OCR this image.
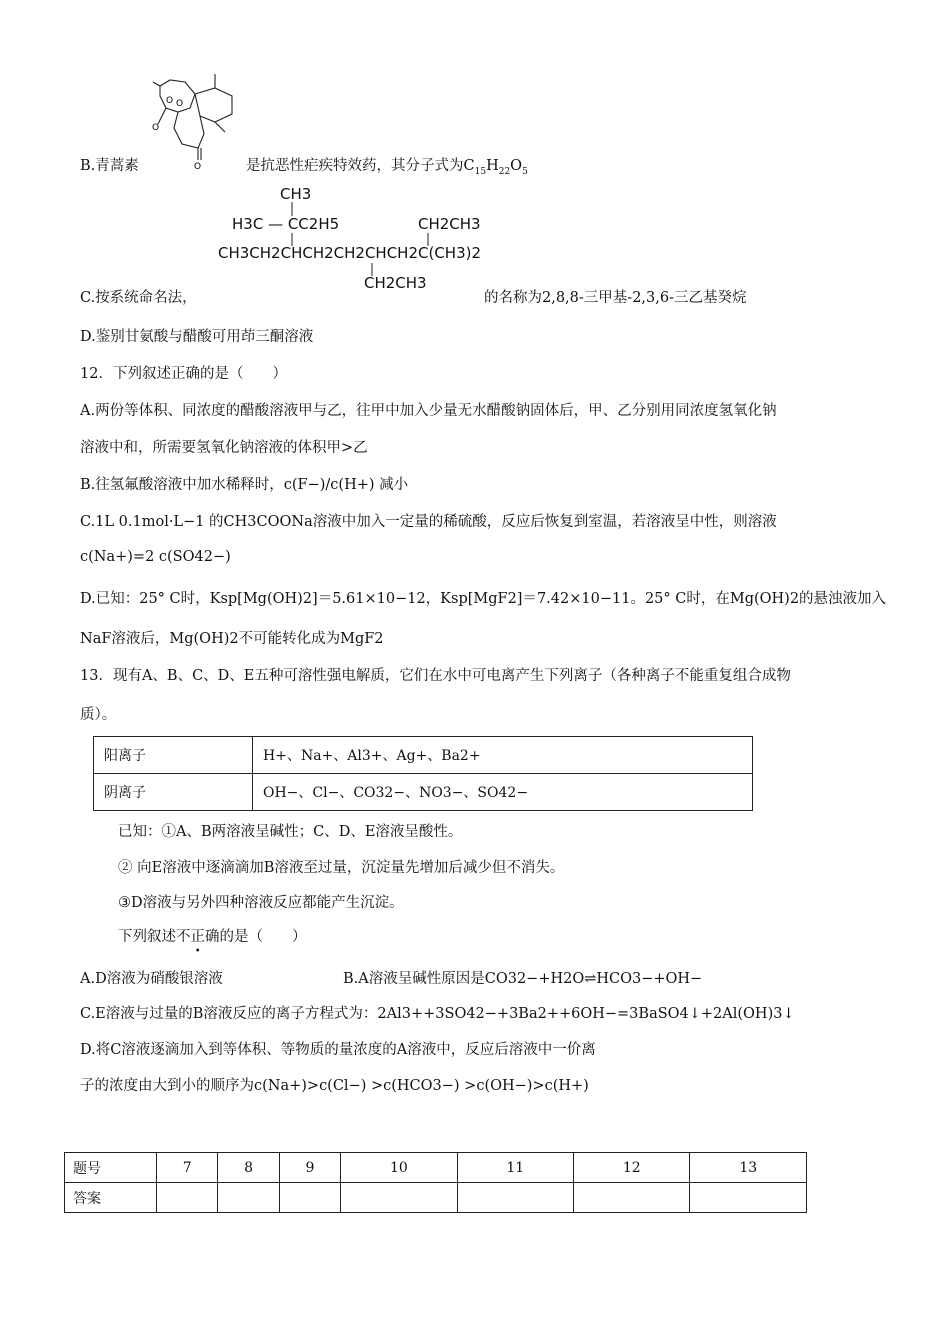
O O
O
O
B.青蒿素	是抗恶性疟疾特效药，其分子式为$C_{15}H_{22}O_5$
CH3
H3C — CC2H5	CH2CH3
CH3CH2CHCH2CH2CHCH2C(CH3)2
CH2CH3
C.按系统命名法，	的名称为2,8,8-三甲基-2,3,6-三乙基癸烷
D.鉴别甘氨酸与醋酸可用茚三酮溶液
12．下列叙述正确的是（　　）
A.两份等体积、同浓度的醋酸溶液甲与乙，往甲中加入少量无水醋酸钠固体后，甲、乙分别用同浓度氢氧化钠
溶液中和，所需要氢氧化钠溶液的体积甲>乙
B.往氢氟酸溶液中加水稀释时，c(F−)/c(H+) 减小
C.1L 0.1mol·L−1 的CH3COONa溶液中加入一定量的稀硫酸，反应后恢复到室温，若溶液呈中性，则溶液
c(Na+)=2 c(SO42−)
D.已知：25° C时，Ksp[Mg(OH)2]＝5.61×10−12，Ksp[MgF2]＝7.42×10−11。25° C时，在Mg(OH)2的悬浊液加入
NaF溶液后，Mg(OH)2不可能转化成为MgF2
13．现有A、B、C、D、E五种可溶性强电解质，它们在水中可电离产生下列离子（各种离子不能重复组合成物
质）。
阳离子	H+、Na+、Al3+、Ag+、Ba2+
阴离子	OH−、Cl−、CO32−、NO3−、SO42−
已知：①A、B两溶液呈碱性；C、D、E溶液呈酸性。
② 向E溶液中逐滴滴加B溶液至过量，沉淀量先增加后减少但不消失。
③D溶液与另外四种溶液反应都能产生沉淀。
下列叙述不正确的是（　　）
A.D溶液为硝酸银溶液	B.A溶液呈碱性原因是CO32−+H2O⇌HCO3−+OH−
C.E溶液与过量的B溶液反应的离子方程式为：2Al3++3SO42−+3Ba2++6OH−=3BaSO4↓+2Al(OH)3↓
D.将C溶液逐滴加入到等体积、等物质的量浓度的A溶液中，反应后溶液中一价离
子的浓度由大到小的顺序为c(Na+)>c(Cl−) >c(HCO3−) >c(OH−)>c(H+)
题号	7	8	9	10	11	12	13
答案							
